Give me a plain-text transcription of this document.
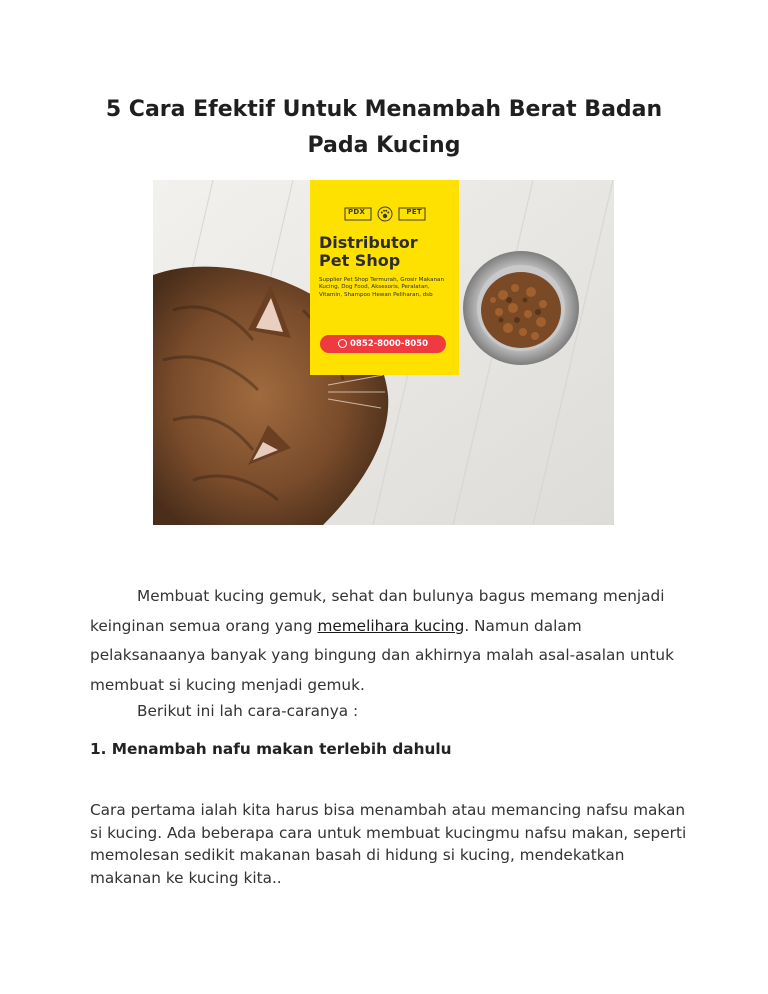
5 Cara Efektif Untuk Menambah Berat Badan Pada Kucing
PDX	PET

Distributor
Pet Shop

Supplier Pet Shop Termurah, Grosir Makanan Kucing, Dog Food, Aksesoris, Peralatan, Vitamin, Shampoo Hewan Peliharan, dsb

0852-8000-8050

Membuat kucing gemuk, sehat dan bulunya bagus memang menjadi keinginan semua orang yang memelihara kucing. Namun dalam pelaksanaanya banyak yang bingung dan akhirnya malah asal-asalan untuk membuat si kucing menjadi gemuk.

Berikut ini lah cara-caranya :

1. Menambah nafu makan terlebih dahulu

Cara pertama ialah kita harus bisa menambah atau memancing nafsu makan si kucing. Ada beberapa cara untuk membuat kucingmu nafsu makan, seperti memolesan sedikit makanan basah di hidung si kucing, mendekatkan makanan ke kucing kita..
